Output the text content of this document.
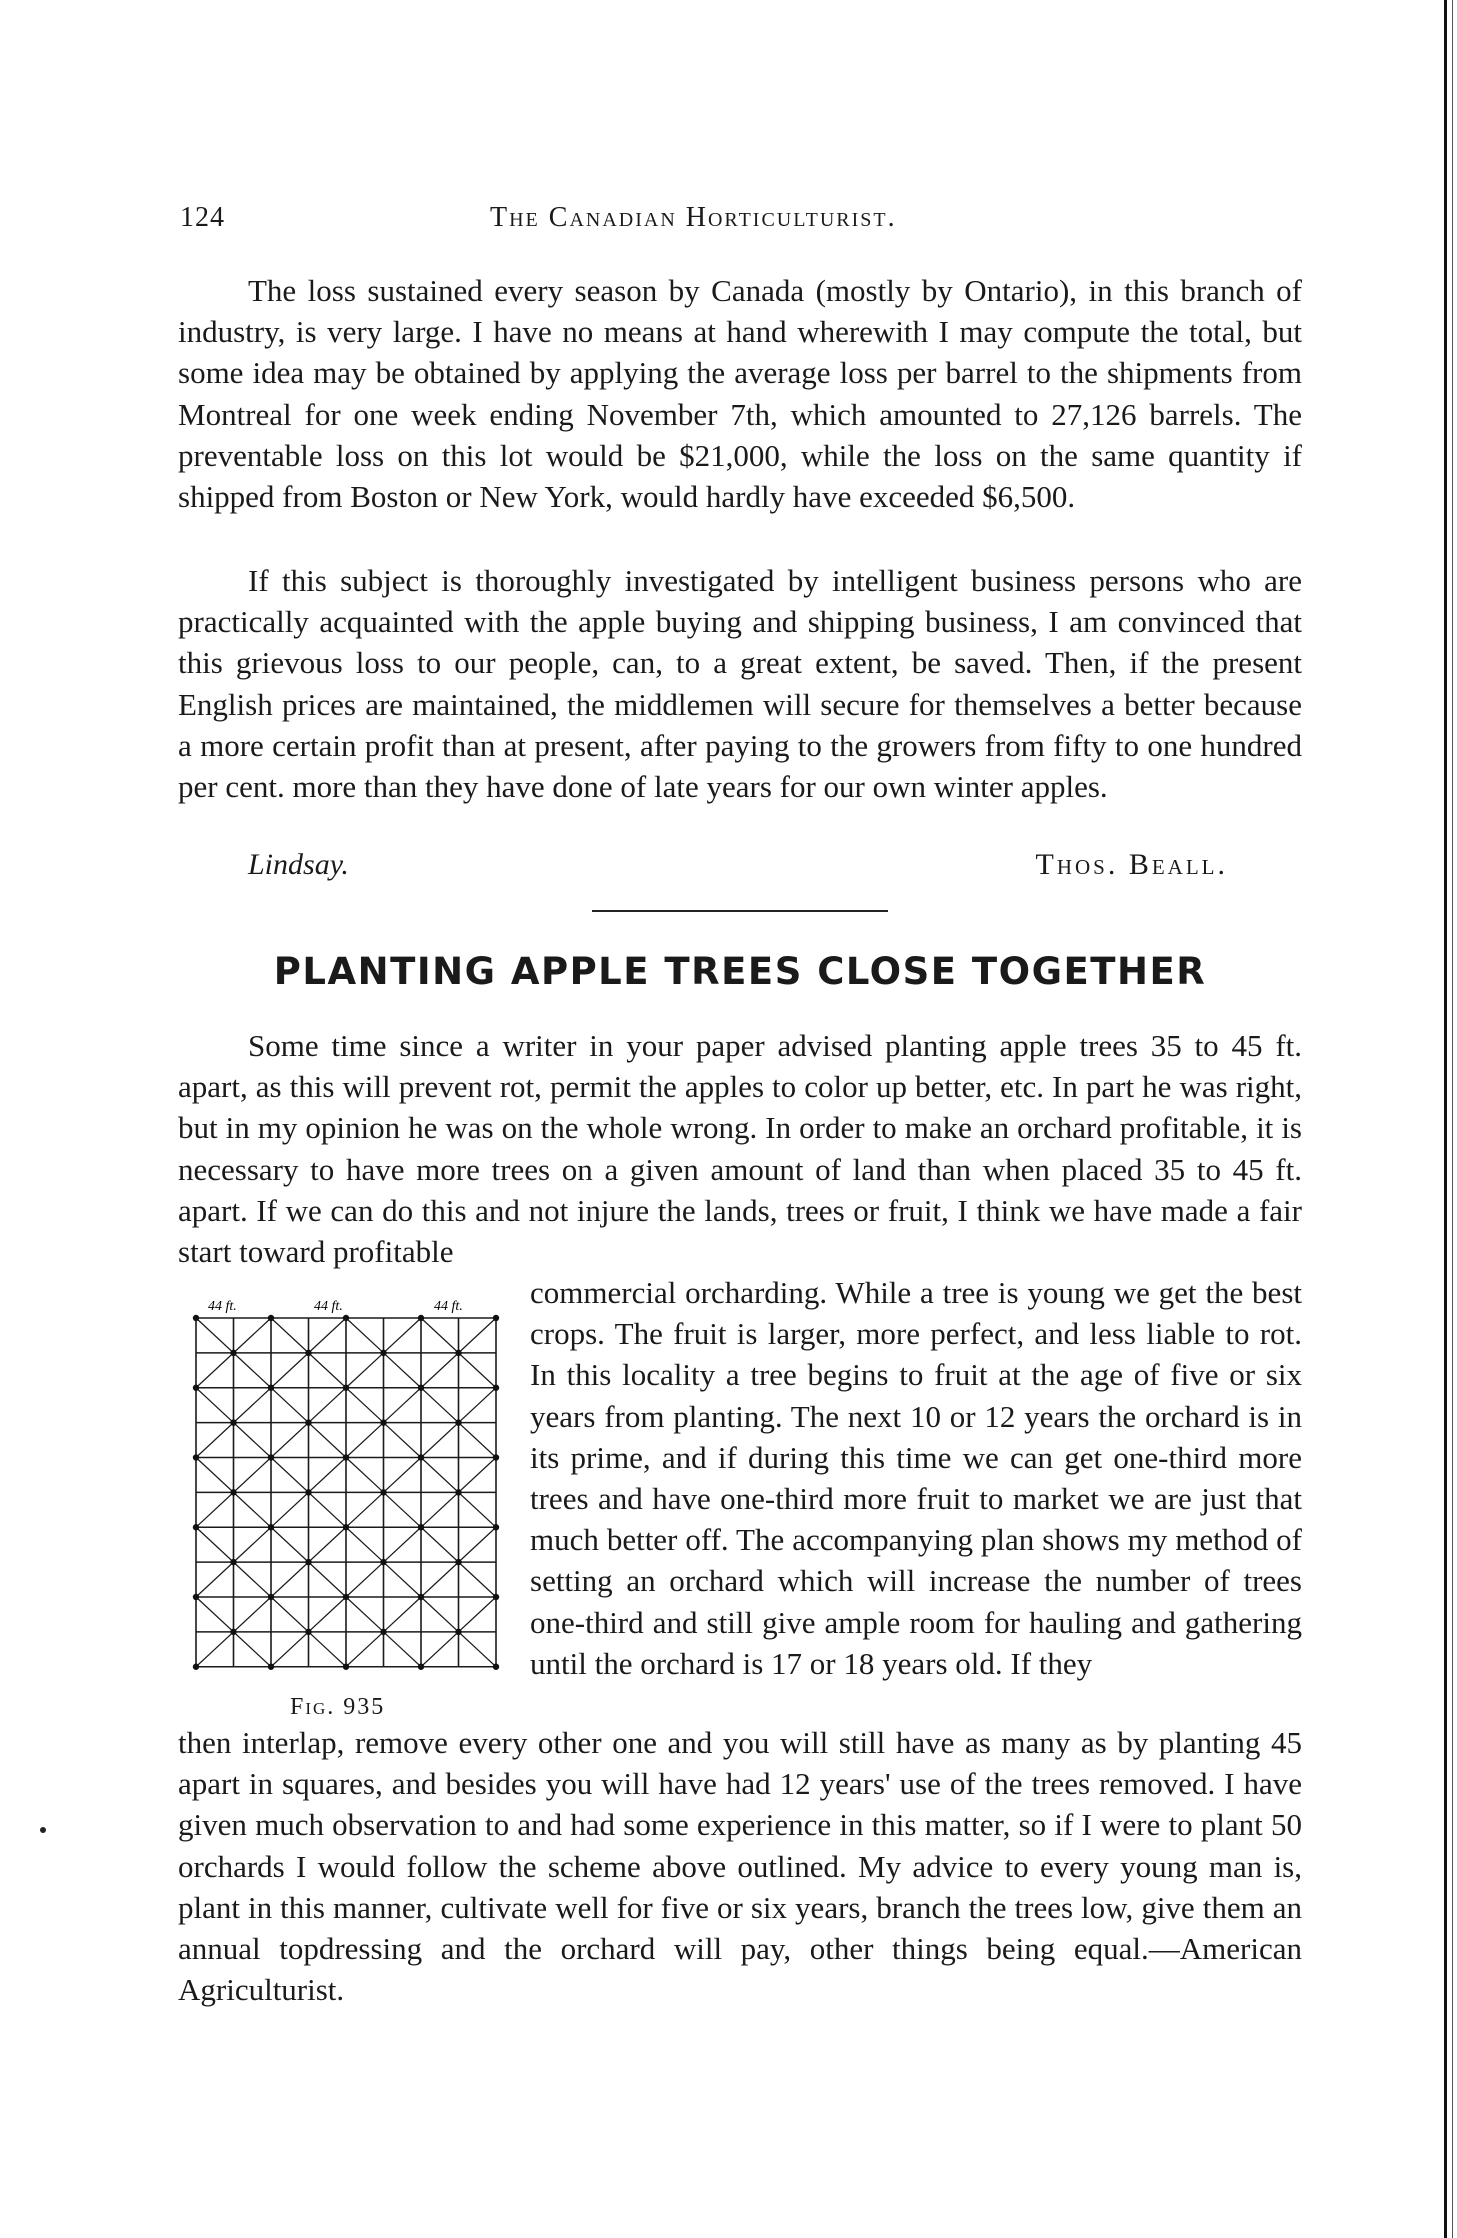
124	The Canadian Horticulturist.

The loss sustained every season by Canada (mostly by Ontario), in this branch of industry, is very large. I have no means at hand wherewith I may compute the total, but some idea may be obtained by applying the average loss per barrel to the shipments from Montreal for one week ending November 7th, which amounted to 27,126 barrels. The preventable loss on this lot would be $21,000, while the loss on the same quantity if shipped from Boston or New York, would hardly have exceeded $6,500.

If this subject is thoroughly investigated by intelligent business persons who are practically acquainted with the apple buying and shipping business, I am convinced that this grievous loss to our people, can, to a great extent, be saved. Then, if the present English prices are maintained, the middlemen will secure for themselves a better because a more certain profit than at present, after paying to the growers from fifty to one hundred per cent. more than they have done of late years for our own winter apples.

Lindsay.	Thos. Beall.
PLANTING APPLE TREES CLOSE TOGETHER

Some time since a writer in your paper advised planting apple trees 35 to 45 ft. apart, as this will prevent rot, permit the apples to color up better, etc. In part he was right, but in my opinion he was on the whole wrong. In order to make an orchard profitable, it is necessary to have more trees on a given amount of land than when placed 35 to 45 ft. apart. If we can do this and not injure the lands, trees or fruit, I think we have made a fair start toward profitable

44 ft.	44 ft.	44 ft.
Fig. 935

commercial orcharding. While a tree is young we get the best crops. The fruit is larger, more perfect, and less liable to rot. In this locality a tree begins to fruit at the age of five or six years from planting. The next 10 or 12 years the orchard is in its prime, and if during this time we can get one-third more trees and have one-third more fruit to market we are just that much better off. The accompanying plan shows my method of setting an orchard which will increase the number of trees one-third and still give ample room for hauling and gathering until the orchard is 17 or 18 years old. If they

then interlap, remove every other one and you will still have as many as by planting 45 apart in squares, and besides you will have had 12 years' use of the trees removed. I have given much observation to and had some experience in this matter, so if I were to plant 50 orchards I would follow the scheme above outlined. My advice to every young man is, plant in this manner, cultivate well for five or six years, branch the trees low, give them an annual topdressing and the orchard will pay, other things being equal.—American Agriculturist.
